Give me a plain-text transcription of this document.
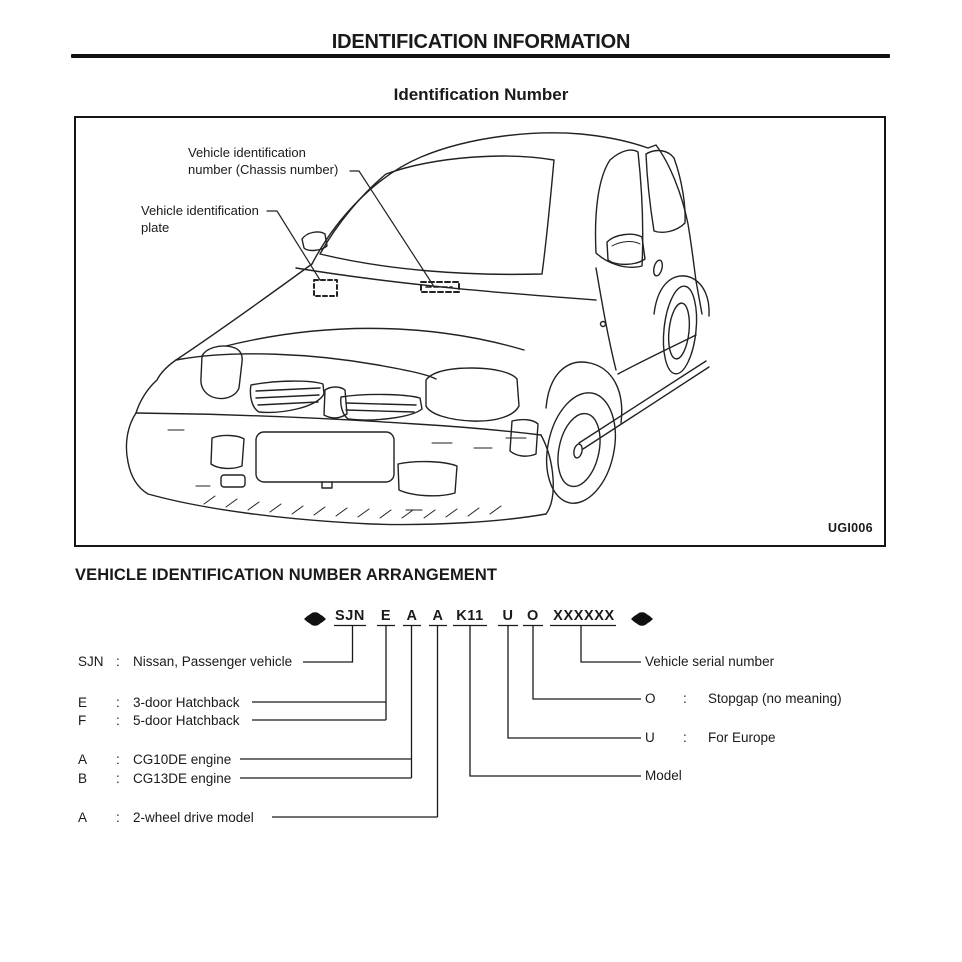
IDENTIFICATION INFORMATION
Identification Number
Vehicle identification
number (Chassis number)
Vehicle identification
plate
UGI006
VEHICLE IDENTIFICATION NUMBER ARRANGEMENT
SJN E A A K11 U O XXXXXX
SJN : Nissan, Passenger vehicle
E : 3-door Hatchback
F : 5-door Hatchback
A : CG10DE engine
B : CG13DE engine
A : 2-wheel drive model
Vehicle serial number
O : Stopgap (no meaning)
U : For Europe
Model
